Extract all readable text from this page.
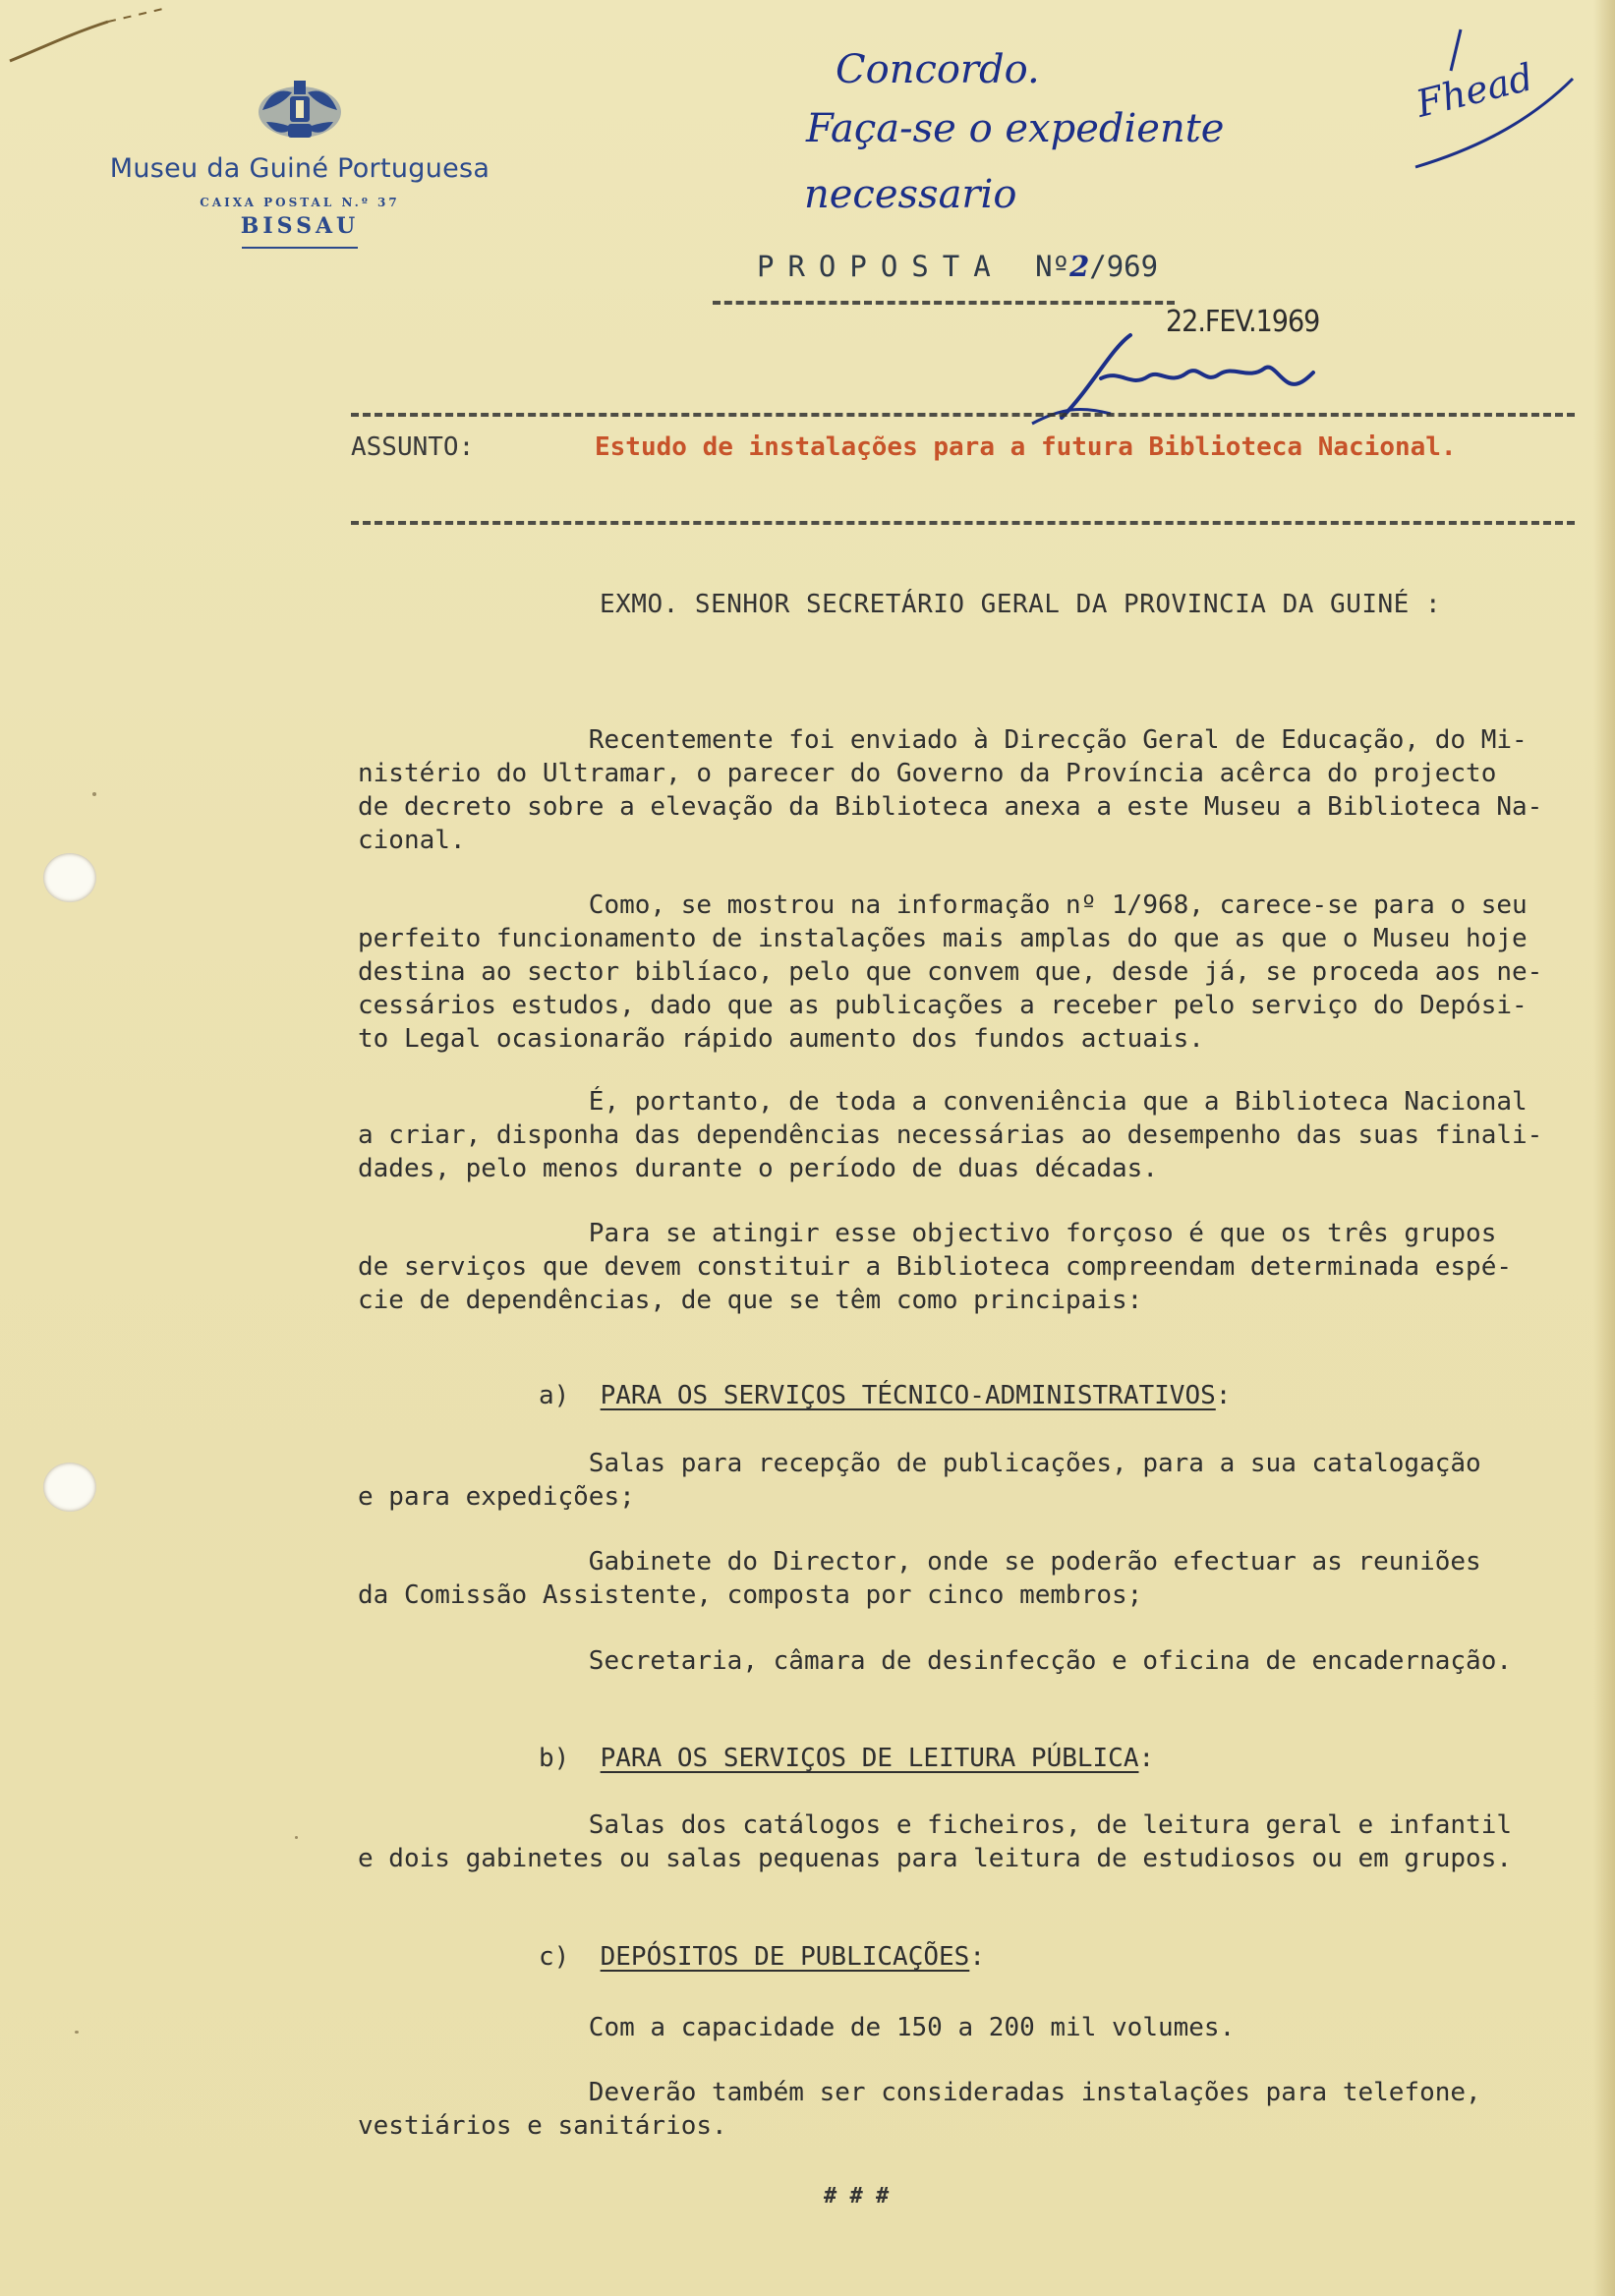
Museu da Guiné Portuguesa
CAIXA POSTAL N.º 37
BISSAU
Concordo.
Faça-se o expediente
necessario
Fhead
PROPOSTA Nº2/969
22.FEV.1969
ASSUNTO:	Estudo de instalações para a futura Biblioteca Nacional.
EXMO. SENHOR SECRETÁRIO GERAL DA PROVINCIA DA GUINÉ :
Recentemente foi enviado à Direcção Geral de Educação, do Mi-
nistério do Ultramar, o parecer do Governo da Província acêrca do projecto
de decreto sobre a elevação da Biblioteca anexa a este Museu a Biblioteca Na-
cional.
Como, se mostrou na informação nº 1/968, carece-se para o seu
perfeito funcionamento de instalações mais amplas do que as que o Museu hoje
destina ao sector biblíaco, pelo que convem que, desde já, se proceda aos ne-
cessários estudos, dado que as publicações a receber pelo serviço do Depósi-
to Legal ocasionarão rápido aumento dos fundos actuais.
É, portanto, de toda a conveniência que a Biblioteca Nacional
a criar, disponha das dependências necessárias ao desempenho das suas finali-
dades, pelo menos durante o período de duas décadas.
Para se atingir esse objectivo forçoso é que os três grupos
de serviços que devem constituir a Biblioteca compreendam determinada espé-
cie de dependências, de que se têm como principais:
a) PARA OS SERVIÇOS TÉCNICO-ADMINISTRATIVOS:
Salas para recepção de publicações, para a sua catalogação
e para expedições;
Gabinete do Director, onde se poderão efectuar as reuniões
da Comissão Assistente, composta por cinco membros;
Secretaria, câmara de desinfecção e oficina de encadernação.
b) PARA OS SERVIÇOS DE LEITURA PÚBLICA:
Salas dos catálogos e ficheiros, de leitura geral e infantil
e dois gabinetes ou salas pequenas para leitura de estudiosos ou em grupos.
c) DEPÓSITOS DE PUBLICAÇÕES:
Com a capacidade de 150 a 200 mil volumes.
Deverão também ser consideradas instalações para telefone,
vestiários e sanitários.
# # #
